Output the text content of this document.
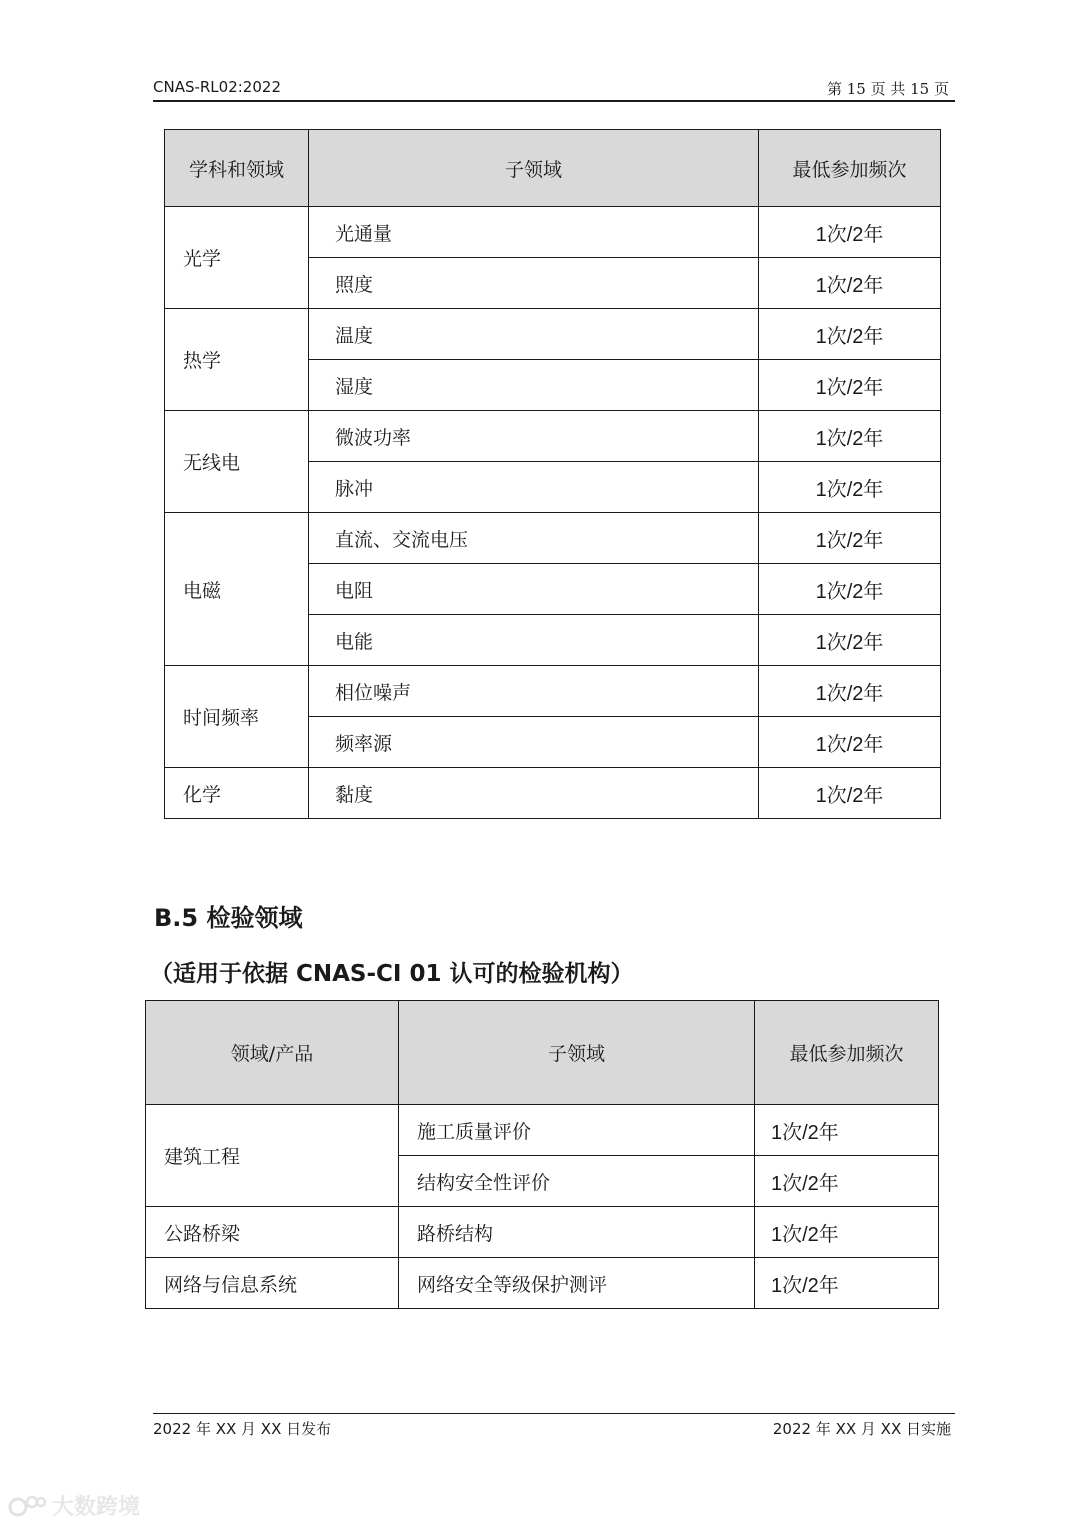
CNAS-RL02:2022	第 15 页 共 15 页
学科和领域	子领域	最低参加频次
光学	光通量	1次/2年
	照度	1次/2年
热学	温度	1次/2年
	湿度	1次/2年
无线电	微波功率	1次/2年
	脉冲	1次/2年
电磁	直流、交流电压	1次/2年
	电阻	1次/2年
	电能	1次/2年
时间频率	相位噪声	1次/2年
	频率源	1次/2年
化学	黏度	1次/2年
B.5 检验领域
（适用于依据 CNAS-CI 01 认可的检验机构）
领域/产品	子领域	最低参加频次
建筑工程	施工质量评价	1次/2年
	结构安全性评价	1次/2年
公路桥梁	路桥结构	1次/2年
网络与信息系统	网络安全等级保护测评	1次/2年
2022 年 XX 月 XX 日发布	2022 年 XX 月 XX 日实施
大数跨境
